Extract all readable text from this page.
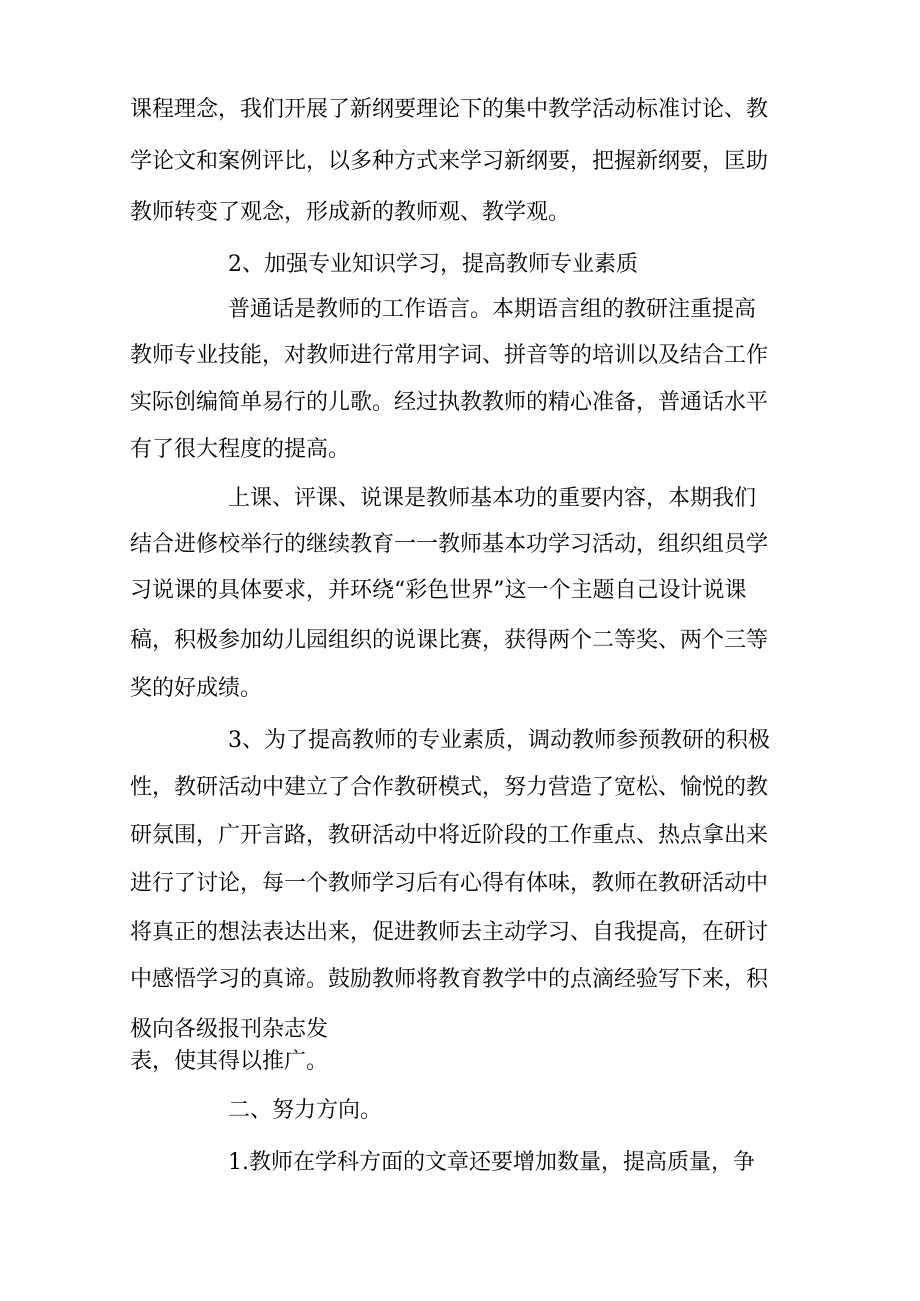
课程理念，我们开展了新纲要理论下的集中教学活动标准讨论、教
学论文和案例评比，以多种方式来学习新纲要，把握新纲要，匡助
教师转变了观念，形成新的教师观、教学观。
2、加强专业知识学习，提高教师专业素质
普通话是教师的工作语言。本期语言组的教研注重提高
教师专业技能，对教师进行常用字词、拼音等的培训以及结合工作
实际创编简单易行的儿歌。经过执教教师的精心准备，普通话水平
有了很大程度的提高。
上课、评课、说课是教师基本功的重要内容，本期我们
结合进修校举行的继续教育一一教师基本功学习活动，组织组员学
习说课的具体要求，并环绕“彩色世界”这一个主题自己设计说课
稿，积极参加幼儿园组织的说课比赛，获得两个二等奖、两个三等
奖的好成绩。
3、为了提高教师的专业素质，调动教师参预教研的积极
性，教研活动中建立了合作教研模式，努力营造了宽松、愉悦的教
研氛围，广开言路，教研活动中将近阶段的工作重点、热点拿出来
进行了讨论，每一个教师学习后有心得有体味，教师在教研活动中
将真正的想法表达出来，促进教师去主动学习、自我提高，在研讨
中感悟学习的真谛。鼓励教师将教育教学中的点滴经验写下来，积
极向各级报刊杂志发
表，使其得以推广。
二、努力方向。
1.教师在学科方面的文章还要增加数量，提高质量，争
